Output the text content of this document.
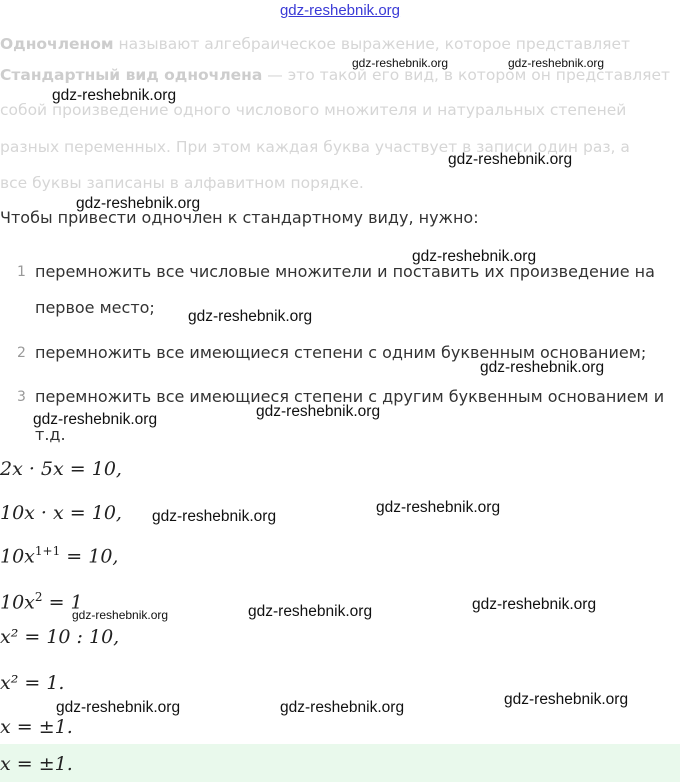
gdz-reshebnik.org
Одночленом называют алгебраическое выражение, которое представляет
Стандартный вид одночлена — это такой его вид, в котором он представляет
собой произведение одного числового множителя и натуральных степеней
разных переменных. При этом каждая буква участвует в записи один раз, а
все буквы записаны в алфавитном порядке.
Чтобы привести одночлен к стандартному виду, нужно:
1 перемножить все числовые множители и поставить их произведение на
первое место;
2 перемножить все имеющиеся степени с одним буквенным основанием;
3 перемножить все имеющиеся степени с другим буквенным основанием и
т.д.
2x · 5x = 10,
10x · x = 10,
$10x^{1+1} = 10$,
$10x^2 = 1$
x² = 10 : 10,
x² = 1.
x = ±1.
x = ±1.
gdz-reshebnik.org	gdz-reshebnik.org
gdz-reshebnik.org
gdz-reshebnik.org
gdz-reshebnik.org
gdz-reshebnik.org
gdz-reshebnik.org
gdz-reshebnik.org
gdz-reshebnik.org
gdz-reshebnik.org
gdz-reshebnik.org
gdz-reshebnik.org
gdz-reshebnik.org
gdz-reshebnik.org
gdz-reshebnik.org
gdz-reshebnik.org
gdz-reshebnik.org	gdz-reshebnik.org
